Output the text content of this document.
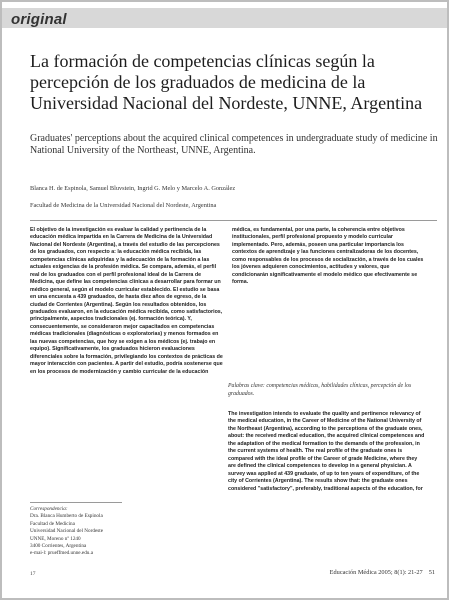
original

La formación de competencias clínicas según la percepción de los graduados de medicina de la Universidad Nacional del Nordeste, UNNE, Argentina

Graduates' perceptions about the acquired clinical competences in undergraduate study of medicine in National University of the Northeast, UNNE, Argentina.

Blanca H. de Espinola, Samuel Bluvstein, Ingrid G. Melo y Marcelo A. González

Facultad de Medicina de la Universidad Nacional del Nordeste, Argentina

El objetivo de la investigación es evaluar la calidad y pertinencia de la educación médica impartida en la Carrera de Medicina de la Universidad Nacional del Nordeste (Argentina), a través del estudio de las percepciones de los graduados, con respecto a: la educación médica recibida, las competencias clínicas adquiridas y la adecuación de la formación a las actuales exigencias de la profesión médica. Se compara, además, el perfil real de los graduados con el perfil profesional ideal de la Carrera de Medicina, que define las competencias clínicas a desarrollar para formar un médico general, según el modelo curricular establecido. El estudio se basa en una encuesta a 439 graduados, de hasta diez años de egreso, de la ciudad de Corrientes (Argentina). Según los resultados obtenidos, los graduados evaluaron, en la educación médica recibida, como satisfactorios, principalmente, aspectos tradicionales (ej. formación teórica). Y, consecuentemente, se consideraron mejor capacitados en competencias médicas tradicionales (diagnósticas o exploratorias) y menos formados en las nuevas competencias, que hoy se exigen a los médicos (ej. trabajo en equipo). Significativamente, los graduados hicieron evaluaciones diferenciales sobre la formación, privilegiando los contextos de prácticas de mayor interacción con pacientes. A partir del estudio, podría sostenerse que en los procesos de modernización y cambio curricular de la educación médica, es fundamental, por una parte, la coherencia entre objetivos institucionales, perfil profesional propuesto y modelo curricular implementado. Pero, además, poseen una particular importancia los contextos de aprendizaje y las funciones centralizadoras de los docentes, como responsables de los procesos de socialización, a través de los cuales los jóvenes adquieren conocimientos, actitudes y valores, que condicionarán significativamente el modelo médico que efectivamente se forma.

Palabras clave: competencias médicas, habilidades clínicas, percepción de los graduados.

The investigation intends to evaluate the quality and pertinence relevancy of the medical education, in the Career of Medicine of the National University of the Northeast (Argentina), according to the perceptions of the graduate ones, about: the received medical education, the acquired clinical competences and the adaptation of the medical formation to the demands of the profession, in the current systems of health. The real profile of the graduate ones is compared with the ideal profile of the Career of grade Medicine, where they are defined the clinical competences to develop in a general physician. A survey was applied at 439 graduate, of up to ten years of expenditure, of the city of Corrientes (Argentina). The results show that: the graduate ones considered "satisfactory", preferably, traditional aspects of the education, for

Correspondencia:
Dra. Blanca Humberto de Espinola
Facultad de Medicina
Universidad Nacional del Nordeste
UNNE, Moreno nº 1240
3400 Corrientes, Argentina
e-mai-l: prueffmed.unne.edu.a
17	Educación Médica 2005; 8(1): 21-27 51
